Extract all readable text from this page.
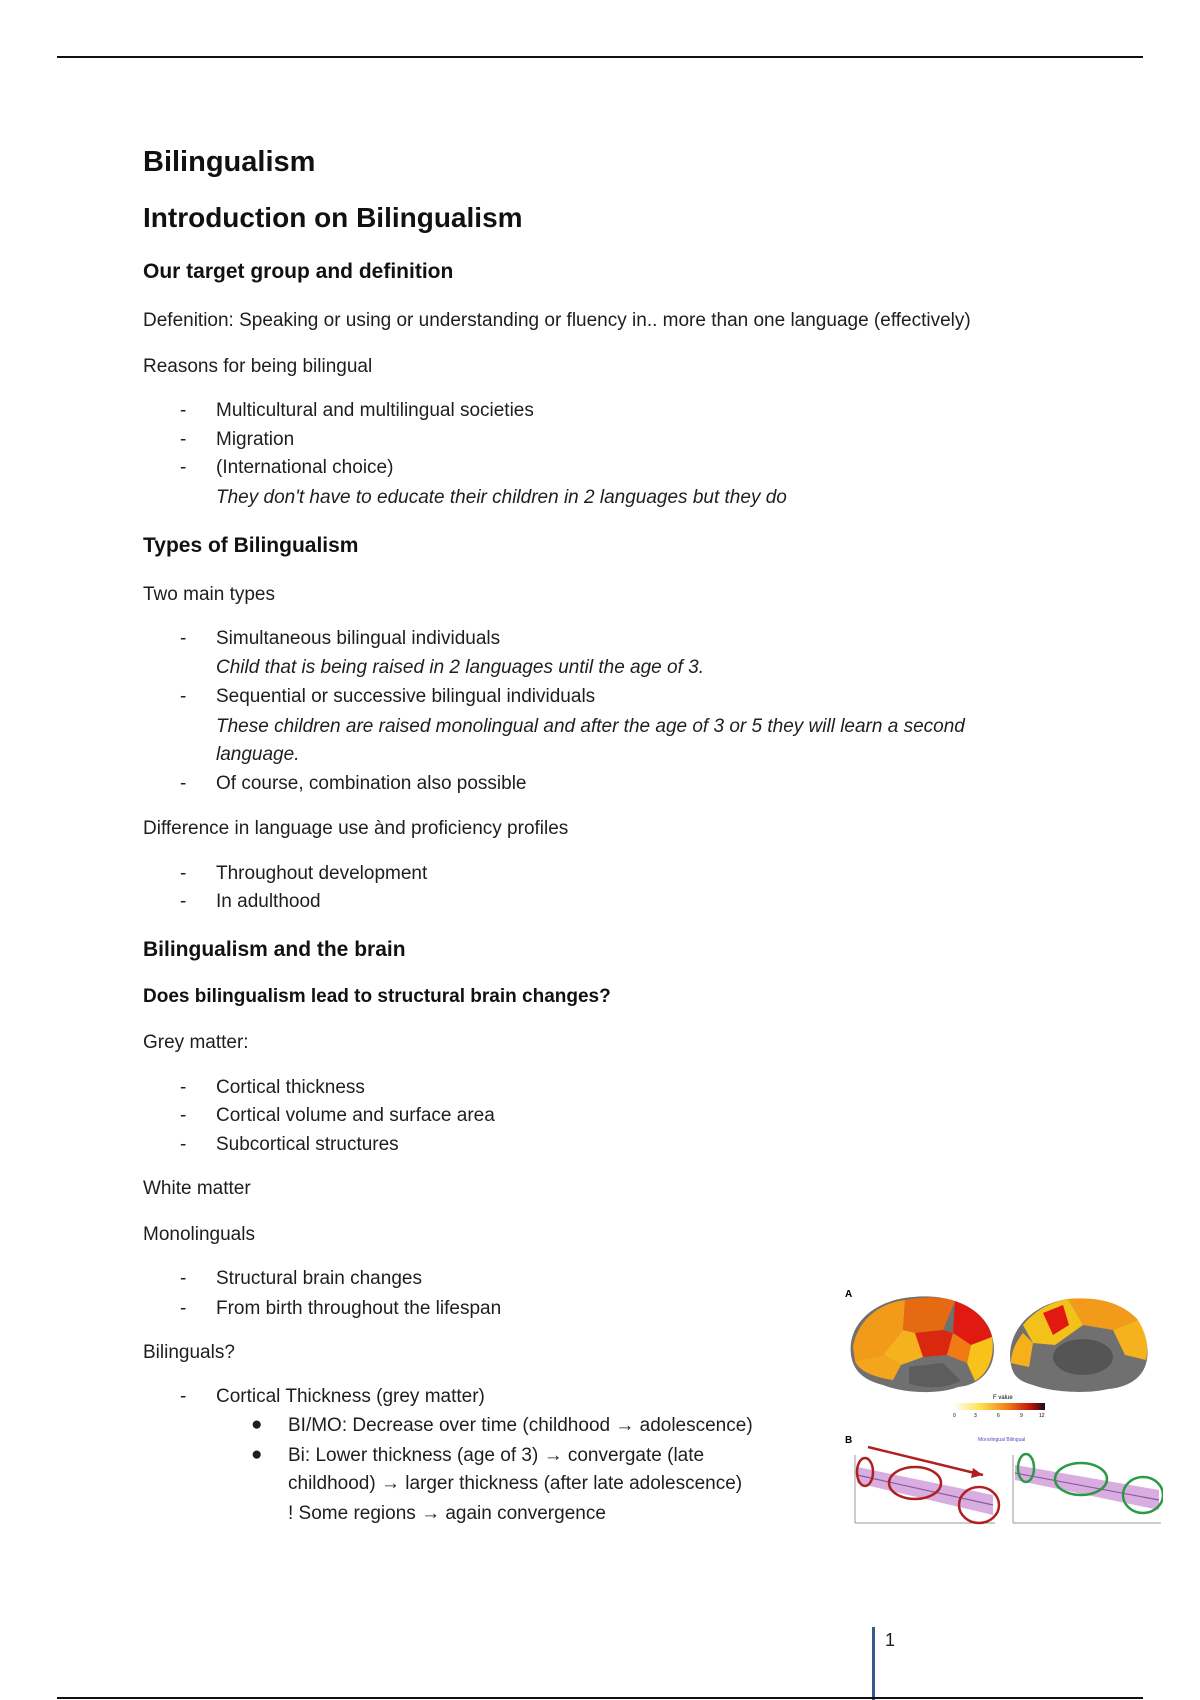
Bilingualism
Introduction on Bilingualism
Our target group and definition
Defenition: Speaking or using or understanding or fluency in.. more than one language (effectively)
Reasons for being bilingual
- Multicultural and multilingual societies
- Migration
- (International choice)
They don't have to educate their children in 2 languages but they do
Types of Bilingualism
Two main types
- Simultaneous bilingual individuals
Child that is being raised in 2 languages until the age of 3.
- Sequential or successive bilingual individuals
These children are raised monolingual and after the age of 3 or 5 they will learn a second
language.
- Of course, combination also possible
Difference in language use ànd proficiency profiles
- Throughout development
- In adulthood
Bilingualism and the brain
Does bilingualism lead to structural brain changes?
Grey matter:
- Cortical thickness
- Cortical volume and surface area
- Subcortical structures
White matter
Monolinguals
- Structural brain changes
- From birth throughout the lifespan
Bilinguals?
- Cortical Thickness (grey matter)
● BI/MO: Decrease over time (childhood → adolescence)
● Bi: Lower thickness (age of 3) → convergate (late
childhood) → larger thickness (after late adolescence)
! Some regions → again convergence
A
F value
0	3	6	9	12
B	Monolingual Bilingual
1
